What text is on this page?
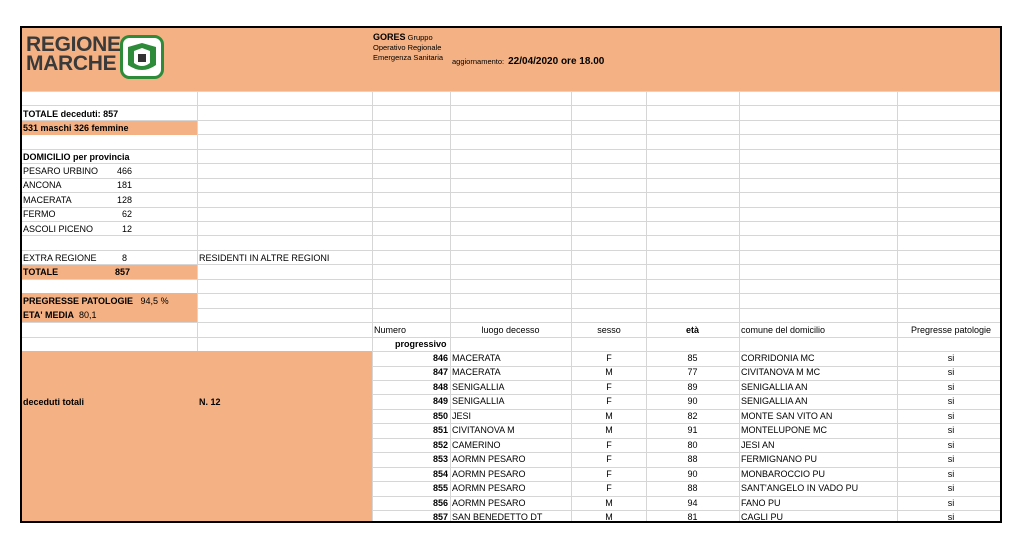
REGIONE
MARCHE
GORES Gruppo
Operativo Regionale
Emergenza Sanitaria aggiornamento: 22/04/2020 ore 18.00
TOTALE deceduti: 857
531 maschi 326 femmine
DOMICILIO per provincia
PESARO URBINO	466
ANCONA	181
MACERATA	128
FERMO	62
ASCOLI PICENO	12
EXTRA REGIONE	8	RESIDENTI IN ALTRE REGIONI
TOTALE	857
PREGRESSE PATOLOGIE 94,5 %
ETA' MEDIA 80,1
deceduti totali	N. 12
Numero	luogo decesso	sesso	età	comune del domicilio	Pregresse patologie
progressivo
846 MACERATA	F	85	CORRIDONIA MC	si
847 MACERATA	M	77	CIVITANOVA M MC	si
848 SENIGALLIA	F	89	SENIGALLIA AN	si
849 SENIGALLIA	F	90	SENIGALLIA AN	si
850 JESI	M	82	MONTE SAN VITO AN	si
851 CIVITANOVA M	M	91	MONTELUPONE MC	si
852 CAMERINO	F	80	JESI AN	si
853 AORMN PESARO	F	88	FERMIGNANO PU	si
854 AORMN PESARO	F	90	MONBAROCCIO PU	si
855 AORMN PESARO	F	88	SANT'ANGELO IN VADO PU	si
856 AORMN PESARO	M	94	FANO PU	si
857 SAN BENEDETTO DT	M	81	CAGLI PU	si
